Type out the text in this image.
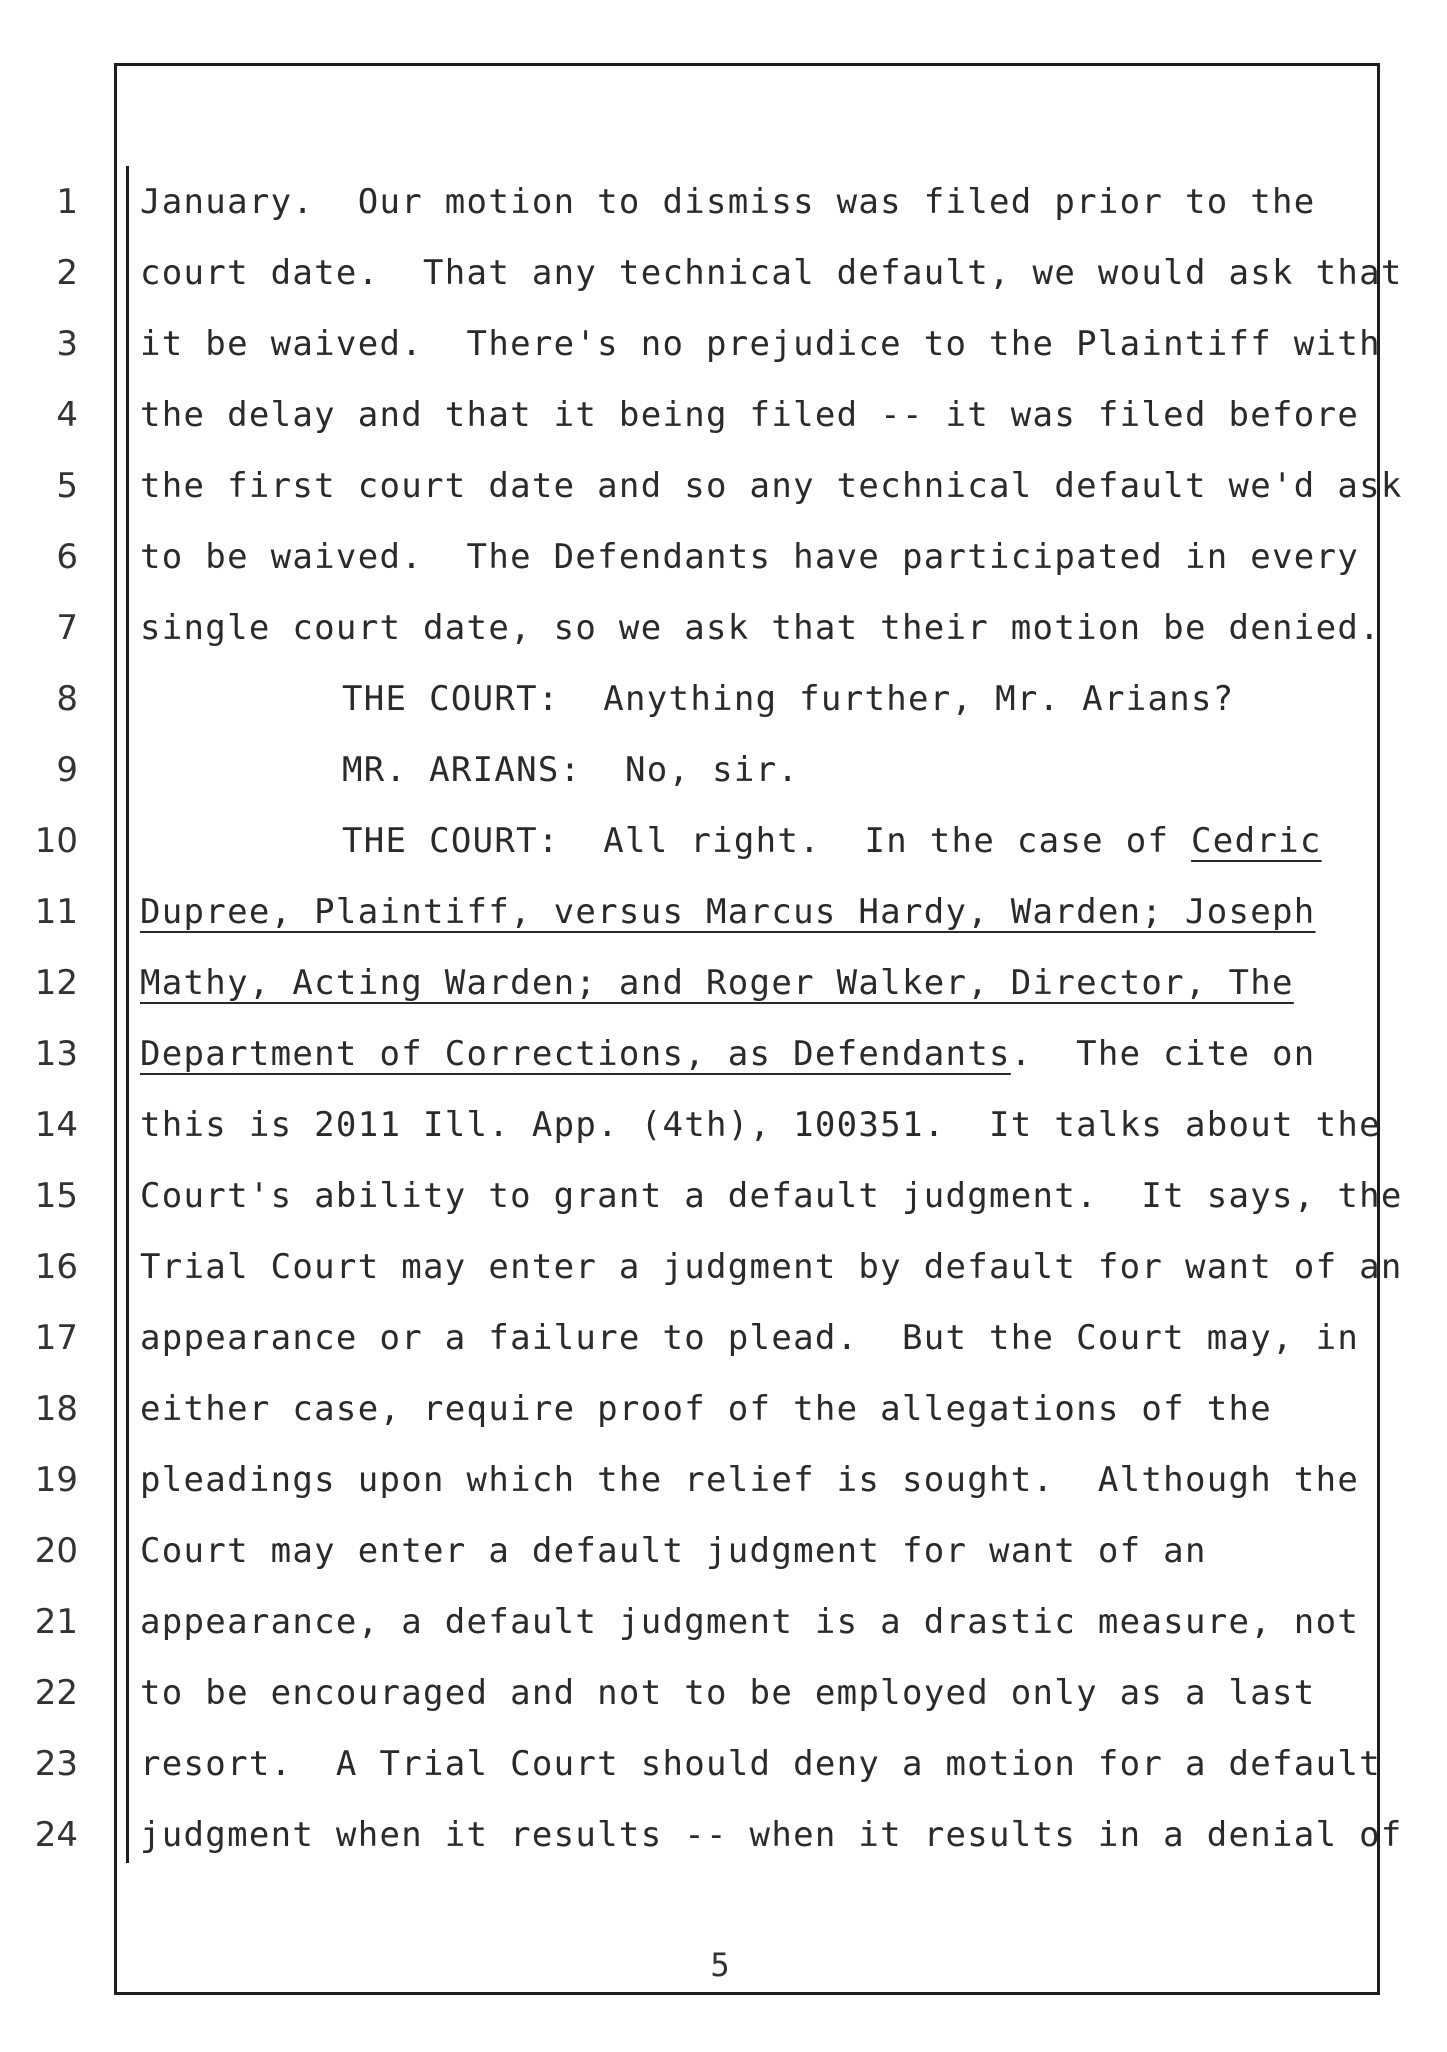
1 January.  Our motion to dismiss was filed prior to the
2 court date.  That any technical default, we would ask that
3 it be waived.  There's no prejudice to the Plaintiff with
4 the delay and that it being filed -- it was filed before
5 the first court date and so any technical default we'd ask
6 to be waived.  The Defendants have participated in every
7 single court date, so we ask that their motion be denied.
8	THE COURT:  Anything further, Mr. Arians?
9	MR. ARIANS:  No, sir.
10	THE COURT:  All right.  In the case of Cedric
11 Dupree, Plaintiff, versus Marcus Hardy, Warden; Joseph
12 Mathy, Acting Warden; and Roger Walker, Director, The
13 Department of Corrections, as Defendants.  The cite on
14 this is 2011 Ill. App. (4th), 100351.  It talks about the
15 Court's ability to grant a default judgment.  It says, the
16 Trial Court may enter a judgment by default for want of an
17 appearance or a failure to plead.  But the Court may, in
18 either case, require proof of the allegations of the
19 pleadings upon which the relief is sought.  Although the
20 Court may enter a default judgment for want of an
21 appearance, a default judgment is a drastic measure, not
22 to be encouraged and not to be employed only as a last
23 resort.  A Trial Court should deny a motion for a default
24 judgment when it results -- when it results in a denial of
5
